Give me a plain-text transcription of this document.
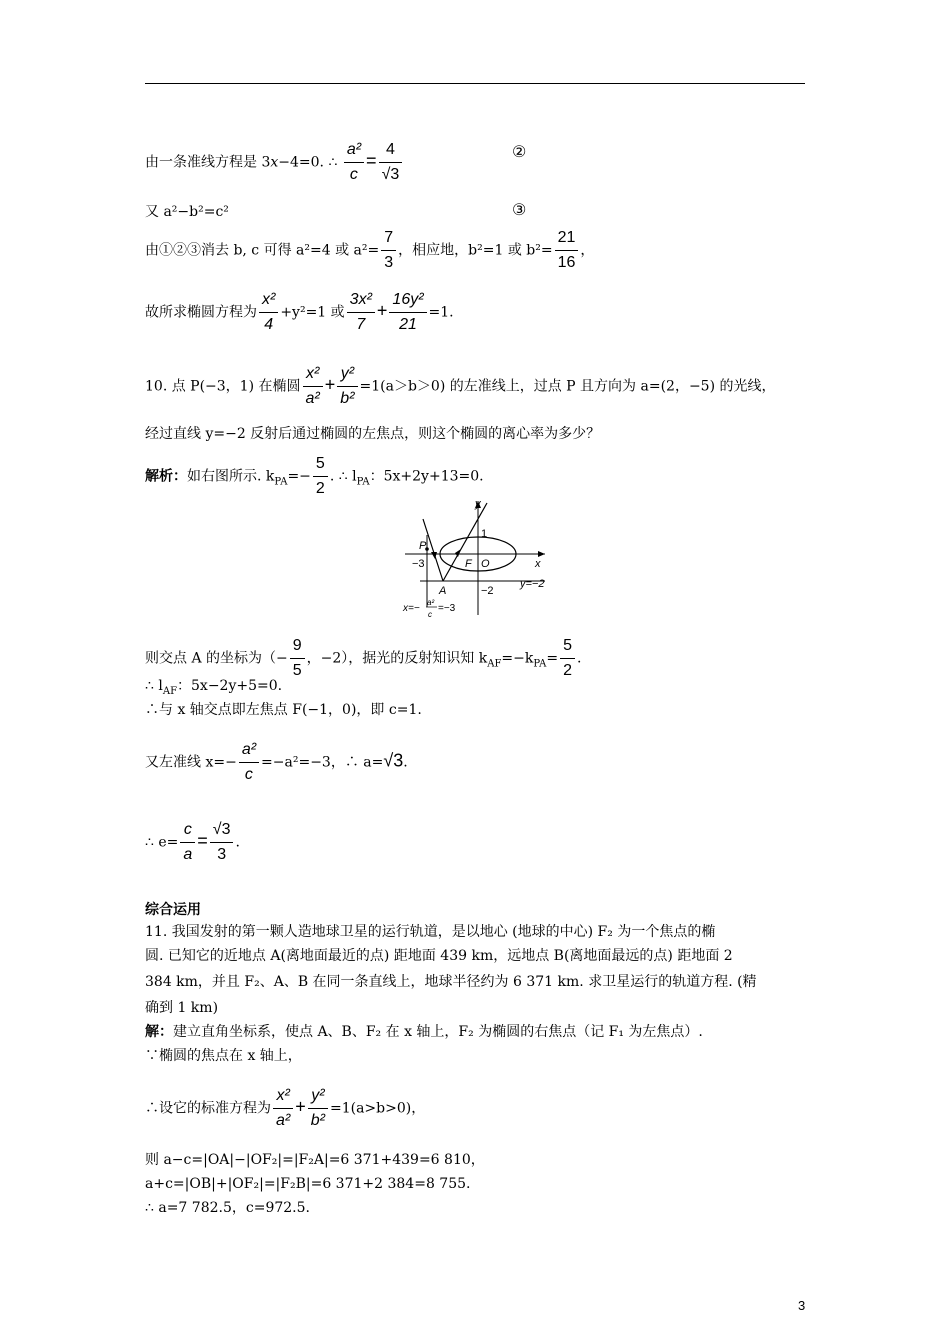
由一条准线方程是 3x−4=0. ∴ $\frac{\text{a²}}{c} = \frac{4}{√3}$	②
又 a²−b²=c²	③
由①②③消去 b, c 可得 a²=4 或 $a^2= \frac{7}{3}$ ，相应地，b²=1 或 $b^2= \frac{21}{16}$ ，
故所求椭圆方程为 $\frac{\text{x²}}{4} +y^2=1$ 或 $\frac{\text{3x²}}{7} + \frac{\text{16y²}}{21} =1$.
10. 点 P(−3，1) 在椭圆 $\frac{\text{x²}}{\text{a²}} + \frac{\text{y²}}{\text{b²}} =1(a>b>0)$ 的左准线上，过点 P 且方向为 a=(2，−5) 的光线，
经过直线 y=−2 反射后通过椭圆的左焦点，则这个椭圆的离心率为多少？
解析：如右图所示. $k_{PA}=- \frac{5}{2}$ . ∴ $l_{PA}$：5x+2y+13=0.
y
x
P
−3	F O
1
A	−2
y=−2
x=−
a²
c
=−3
则交点 A 的坐标为（− $\frac{9}{5}$ ，−2），据光的反射知识知 $k_{AF}=-k_{PA}= \frac{5}{2}$ .
∴ $l_{AF}$：5x−2y+5=0.
∴与 x 轴交点即左焦点 F(−1，0)，即 c=1.
又左准线 $x=- \frac{\text{a²}}{c} =-a^2=-3$，∴ a=√3.
∴ $e= \frac{c}{a} = \frac{√3}{3}$ .
综合运用
11. 我国发射的第一颗人造地球卫星的运行轨道，是以地心 (地球的中心) F₂ 为一个焦点的椭
圆. 已知它的近地点 A(离地面最近的点) 距地面 439 km，远地点 B(离地面最远的点) 距地面 2
384 km，并且 F₂、A、B 在同一条直线上，地球半径约为 6 371 km. 求卫星运行的轨道方程. (精
确到 1 km)
解：建立直角坐标系，使点 A、B、F₂ 在 x 轴上，F₂ 为椭圆的右焦点（记 F₁ 为左焦点）.
∵椭圆的焦点在 x 轴上，
∴设它的标准方程为 $\frac{\text{x²}}{\text{a²}} + \frac{\text{y²}}{\text{b²}} =1(a>b>0)$，
则 a−c=|OA|−|OF₂|=|F₂A|=6 371+439=6 810，
a+c=|OB|+|OF₂|=|F₂B|=6 371+2 384=8 755.
∴ a=7 782.5，c=972.5.
3
